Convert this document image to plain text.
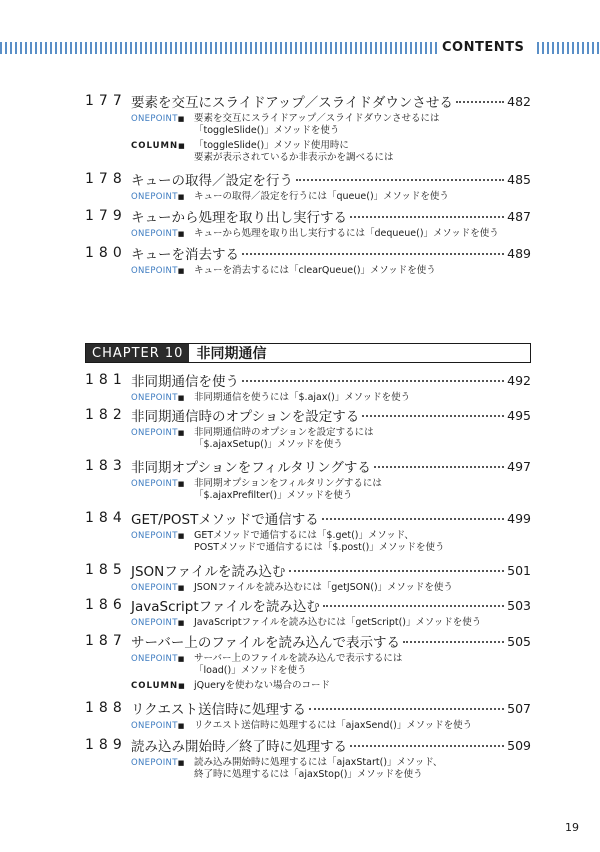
CONTENTS
177 要素を交互にスライドアップ／スライドダウンさせる	482
ONEPOINT■ 要素を交互にスライドアップ／スライドダウンさせるには
「toggleSlide()」メソッドを使う
COLUMN■ 「toggleSlide()」メソッド使用時に
要素が表示されているか非表示かを調べるには
178 キューの取得／設定を行う	485
ONEPOINT■ キューの取得／設定を行うには「queue()」メソッドを使う
179 キューから処理を取り出し実行する	487
ONEPOINT■ キューから処理を取り出し実行するには「dequeue()」メソッドを使う
180 キューを消去する	489
ONEPOINT■ キューを消去するには「clearQueue()」メソッドを使う
CHAPTER 10 非同期通信
181 非同期通信を使う	492
ONEPOINT■ 非同期通信を使うには「$.ajax()」メソッドを使う
182 非同期通信時のオプションを設定する	495
ONEPOINT■ 非同期通信時のオプションを設定するには
「$.ajaxSetup()」メソッドを使う
183 非同期オプションをフィルタリングする	497
ONEPOINT■ 非同期オプションをフィルタリングするには
「$.ajaxPrefilter()」メソッドを使う
184 GET/POSTメソッドで通信する	499
ONEPOINT■ GETメソッドで通信するには「$.get()」メソッド、
POSTメソッドで通信するには「$.post()」メソッドを使う
185 JSONファイルを読み込む	501
ONEPOINT■ JSONファイルを読み込むには「getJSON()」メソッドを使う
186 JavaScriptファイルを読み込む	503
ONEPOINT■ JavaScriptファイルを読み込むには「getScript()」メソッドを使う
187 サーバー上のファイルを読み込んで表示する	505
ONEPOINT■ サーバー上のファイルを読み込んで表示するには
「load()」メソッドを使う
COLUMN■ jQueryを使わない場合のコード
188 リクエスト送信時に処理する	507
ONEPOINT■ リクエスト送信時に処理するには「ajaxSend()」メソッドを使う
189 読み込み開始時／終了時に処理する	509
ONEPOINT■ 読み込み開始時に処理するには「ajaxStart()」メソッド、
終了時に処理するには「ajaxStop()」メソッドを使う
19
